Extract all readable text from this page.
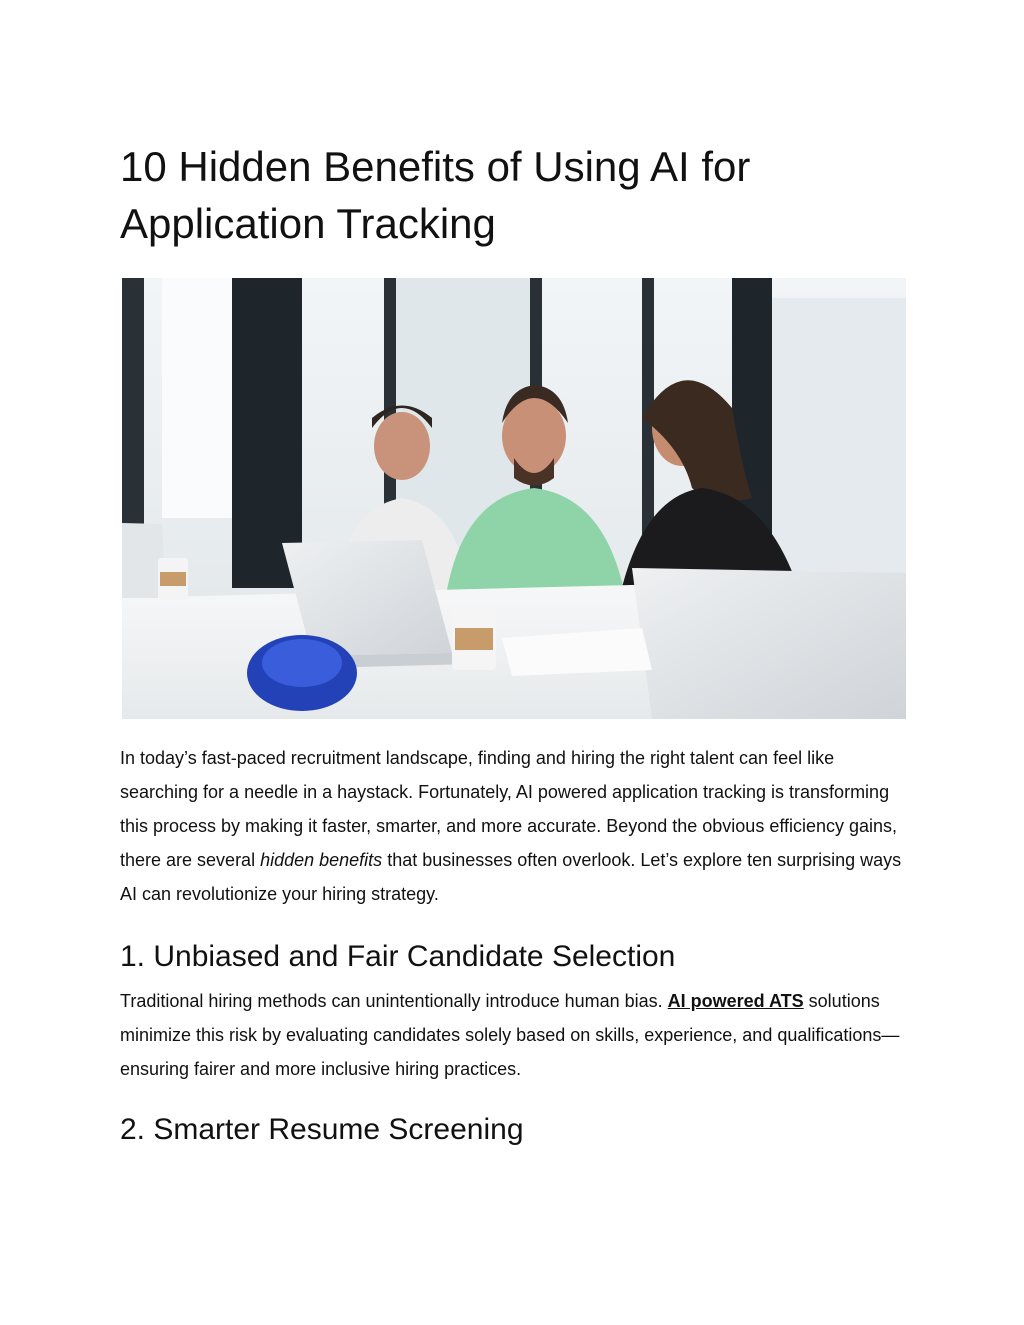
10 Hidden Benefits of Using AI for Application Tracking

In today’s fast-paced recruitment landscape, finding and hiring the right talent can feel like searching for a needle in a haystack. Fortunately, AI powered application tracking is transforming this process by making it faster, smarter, and more accurate. Beyond the obvious efficiency gains, there are several hidden benefits that businesses often overlook. Let’s explore ten surprising ways AI can revolutionize your hiring strategy.

1. Unbiased and Fair Candidate Selection

Traditional hiring methods can unintentionally introduce human bias. AI powered ATS solutions minimize this risk by evaluating candidates solely based on skills, experience, and qualifications—ensuring fairer and more inclusive hiring practices.

2. Smarter Resume Screening
